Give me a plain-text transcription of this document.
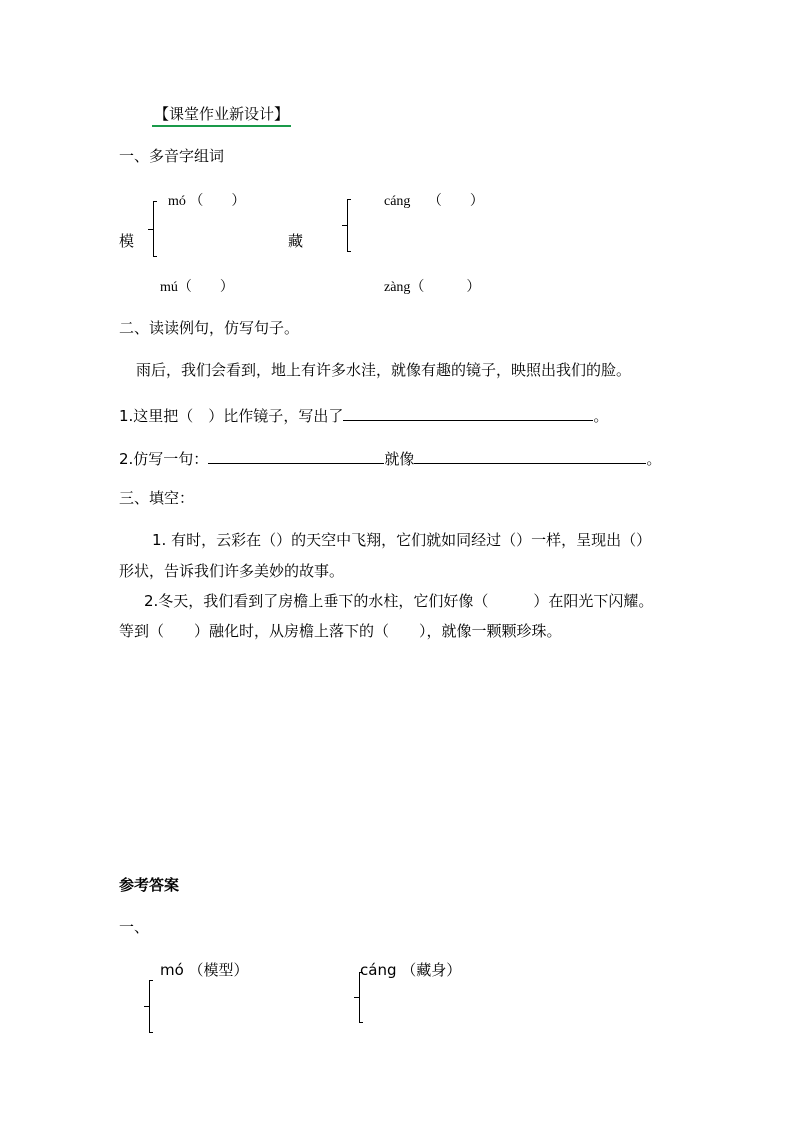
【课堂作业新设计】
一、多音字组词
mó （　　）
模
mú（　　）
cáng　 （　　）
藏
zàng（　　　）
二、读读例句，仿写句子。
雨后，我们会看到，地上有许多水洼，就像有趣的镜子，映照出我们的脸。
1.这里把（　）比作镜子，写出了	。
2.仿写一句：	就像	。
三、填空：
1. 有时，云彩在（）的天空中飞翔，它们就如同经过（）一样，呈现出（）
形状，告诉我们许多美妙的故事。
2.冬天，我们看到了房檐上垂下的水柱，它们好像（　　　）在阳光下闪耀。
等到（　　）融化时，从房檐上落下的（　　），就像一颗颗珍珠。
参考答案
一、
mó （模型）	cáng （藏身）
